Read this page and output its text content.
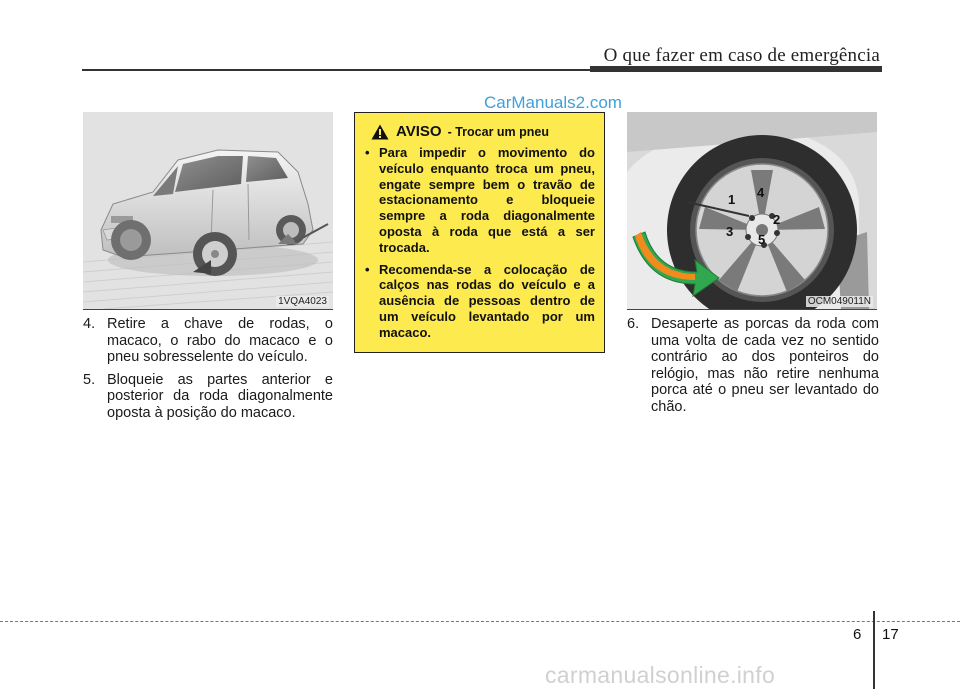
O que fazer em caso de emergência
CarManuals2.com
1VQA4023
AVISO - Trocar um pneu
• Para impedir o movimento do veículo enquanto troca um pneu, engate sempre bem o travão de estacionamento e bloqueie sempre a roda diagonalmente oposta à roda que está a ser trocada.
• Recomenda-se a colocação de calços nas rodas do veículo e a ausência de pessoas dentro de um veículo levantado por um macaco.
1 4
2
3
5
OCM049011N

4. Retire a chave de rodas, o macaco, o rabo do macaco e o pneu sobresselente do veículo.

5. Bloqueie as partes anterior e posterior da roda diagonalmente oposta à posição do macaco.

6. Desaperte as porcas da roda com uma volta de cada vez no sentido contrário ao dos ponteiros do relógio, mas não retire nenhuma porca até o pneu ser levantado do chão.

6 17
carmanualsonline.info
